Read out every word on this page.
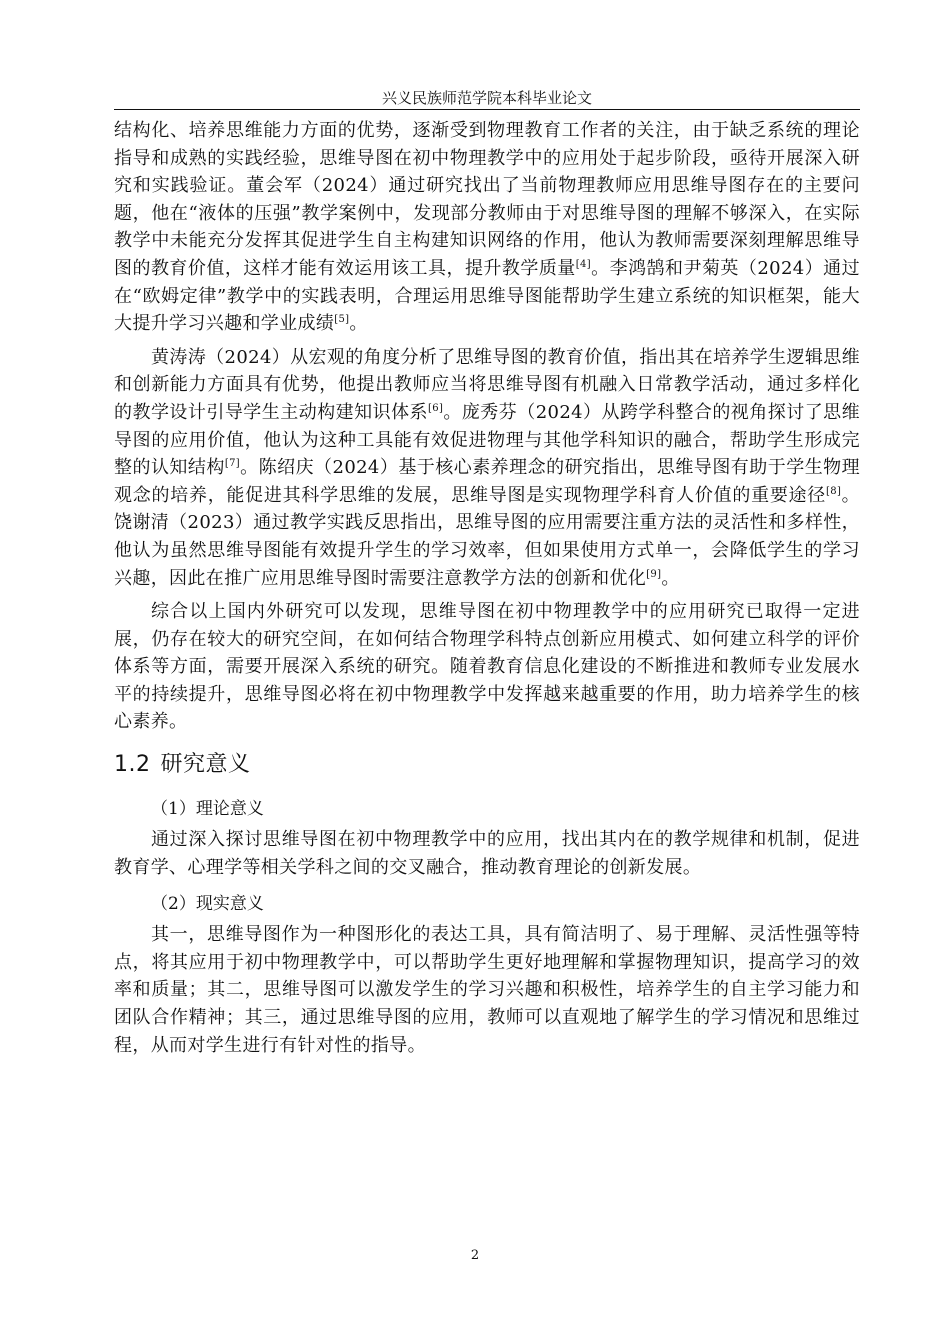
兴义民族师范学院本科毕业论文

结构化、培养思维能力方面的优势，逐渐受到物理教育工作者的关注，由于缺乏系统的理论指导和成熟的实践经验，思维导图在初中物理教学中的应用处于起步阶段，亟待开展深入研究和实践验证。董会军（2024）通过研究找出了当前物理教师应用思维导图存在的主要问题，他在“液体的压强”教学案例中，发现部分教师由于对思维导图的理解不够深入，在实际教学中未能充分发挥其促进学生自主构建知识网络的作用，他认为教师需要深刻理解思维导图的教育价值，这样才能有效运用该工具，提升教学质量[4]。李鸿鹄和尹菊英（2024）通过在“欧姆定律”教学中的实践表明，合理运用思维导图能帮助学生建立系统的知识框架，能大大提升学习兴趣和学业成绩[5]。

黄涛涛（2024）从宏观的角度分析了思维导图的教育价值，指出其在培养学生逻辑思维和创新能力方面具有优势，他提出教师应当将思维导图有机融入日常教学活动，通过多样化的教学设计引导学生主动构建知识体系[6]。庞秀芬（2024）从跨学科整合的视角探讨了思维导图的应用价值，他认为这种工具能有效促进物理与其他学科知识的融合，帮助学生形成完整的认知结构[7]。陈绍庆（2024）基于核心素养理念的研究指出，思维导图有助于学生物理观念的培养，能促进其科学思维的发展，思维导图是实现物理学科育人价值的重要途径[8]。饶谢清（2023）通过教学实践反思指出，思维导图的应用需要注重方法的灵活性和多样性，他认为虽然思维导图能有效提升学生的学习效率，但如果使用方式单一，会降低学生的学习兴趣，因此在推广应用思维导图时需要注意教学方法的创新和优化[9]。

综合以上国内外研究可以发现，思维导图在初中物理教学中的应用研究已取得一定进展，仍存在较大的研究空间，在如何结合物理学科特点创新应用模式、如何建立科学的评价体系等方面，需要开展深入系统的研究。随着教育信息化建设的不断推进和教师专业发展水平的持续提升，思维导图必将在初中物理教学中发挥越来越重要的作用，助力培养学生的核心素养。

1.2 研究意义
（1）理论意义

通过深入探讨思维导图在初中物理教学中的应用，找出其内在的教学规律和机制，促进教育学、心理学等相关学科之间的交叉融合，推动教育理论的创新发展。

（2）现实意义

其一，思维导图作为一种图形化的表达工具，具有简洁明了、易于理解、灵活性强等特点，将其应用于初中物理教学中，可以帮助学生更好地理解和掌握物理知识，提高学习的效率和质量；其二，思维导图可以激发学生的学习兴趣和积极性，培养学生的自主学习能力和团队合作精神；其三，通过思维导图的应用，教师可以直观地了解学生的学习情况和思维过程，从而对学生进行有针对性的指导。

2
